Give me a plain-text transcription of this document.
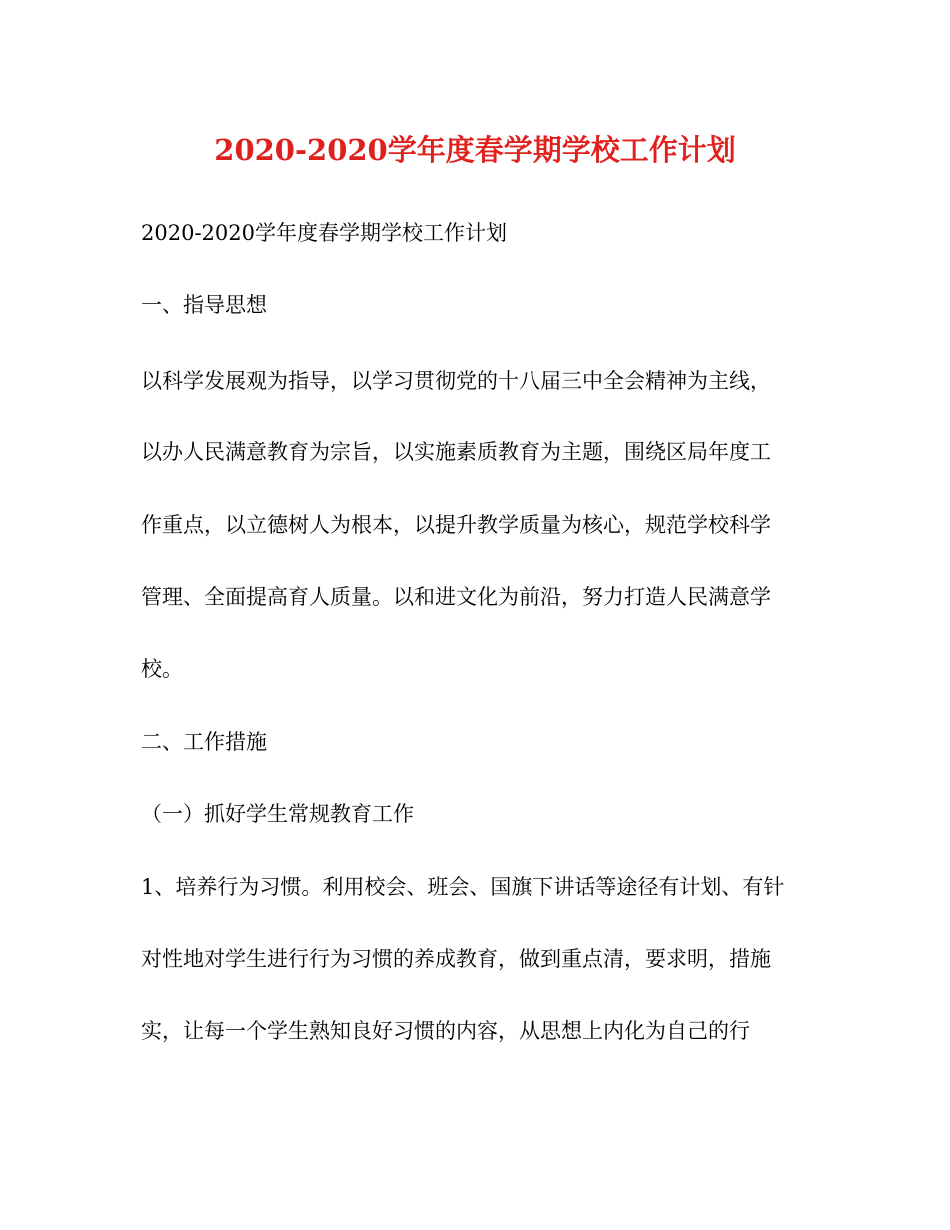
2020-2020学年度春学期学校工作计划
2020-2020学年度春学期学校工作计划
一、指导思想
以科学发展观为指导，以学习贯彻党的十八届三中全会精神为主线，
以办人民满意教育为宗旨，以实施素质教育为主题，围绕区局年度工
作重点，以立德树人为根本，以提升教学质量为核心，规范学校科学
管理、全面提高育人质量。以和进文化为前沿，努力打造人民满意学
校。
二、工作措施
（一）抓好学生常规教育工作
1、培养行为习惯。利用校会、班会、国旗下讲话等途径有计划、有针
对性地对学生进行行为习惯的养成教育，做到重点清，要求明，措施
实，让每一个学生熟知良好习惯的内容，从思想上内化为自己的行
